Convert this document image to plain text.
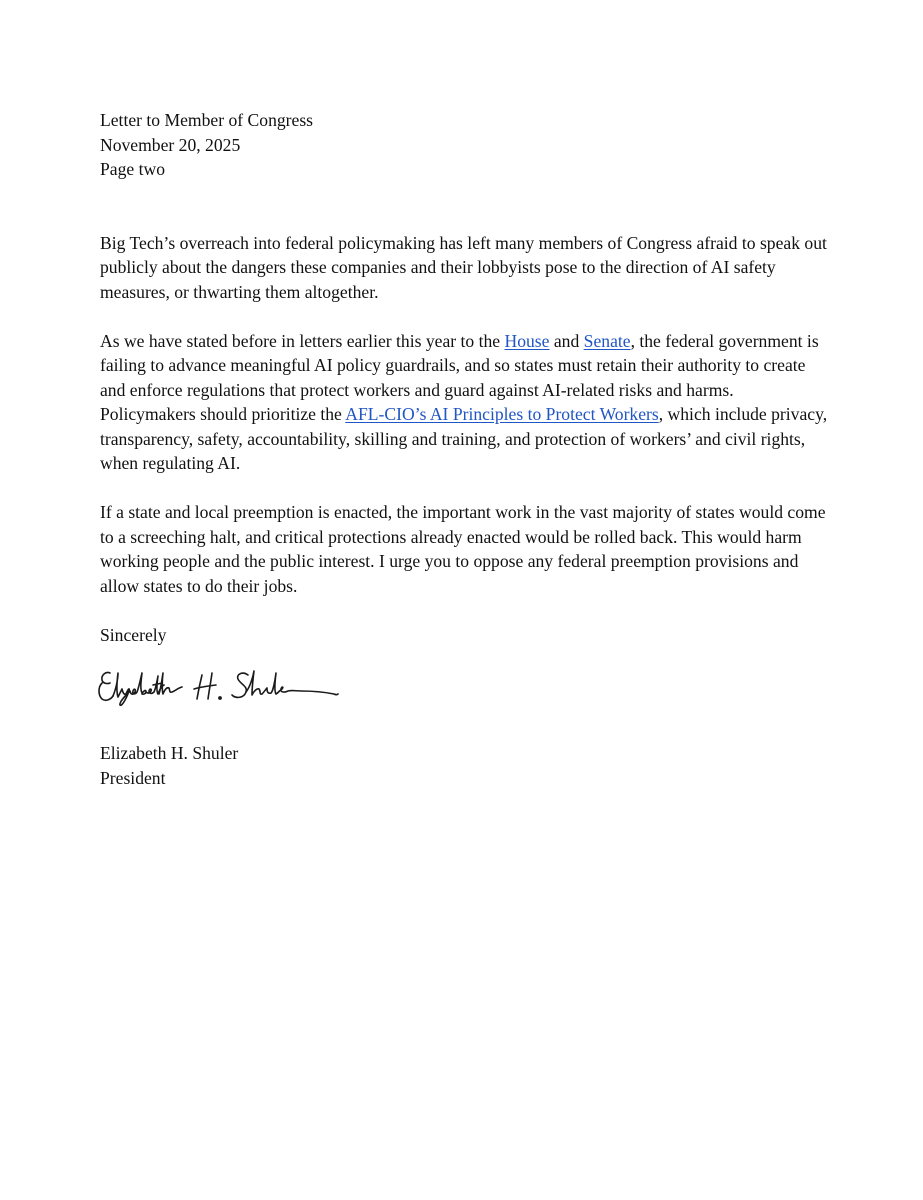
Letter to Member of Congress
November 20, 2025
Page two

Big Tech’s overreach into federal policymaking has left many members of Congress afraid to speak out publicly about the dangers these companies and their lobbyists pose to the direction of AI safety measures, or thwarting them altogether.

As we have stated before in letters earlier this year to the House and Senate, the federal government is failing to advance meaningful AI policy guardrails, and so states must retain their authority to create and enforce regulations that protect workers and guard against AI-related risks and harms. Policymakers should prioritize the AFL-CIO’s AI Principles to Protect Workers, which include privacy, transparency, safety, accountability, skilling and training, and protection of workers’ and civil rights, when regulating AI.

If a state and local preemption is enacted, the important work in the vast majority of states would come to a screeching halt, and critical protections already enacted would be rolled back. This would harm working people and the public interest. I urge you to oppose any federal preemption provisions and allow states to do their jobs.

Sincerely

Elizabeth H. Shuler
President
